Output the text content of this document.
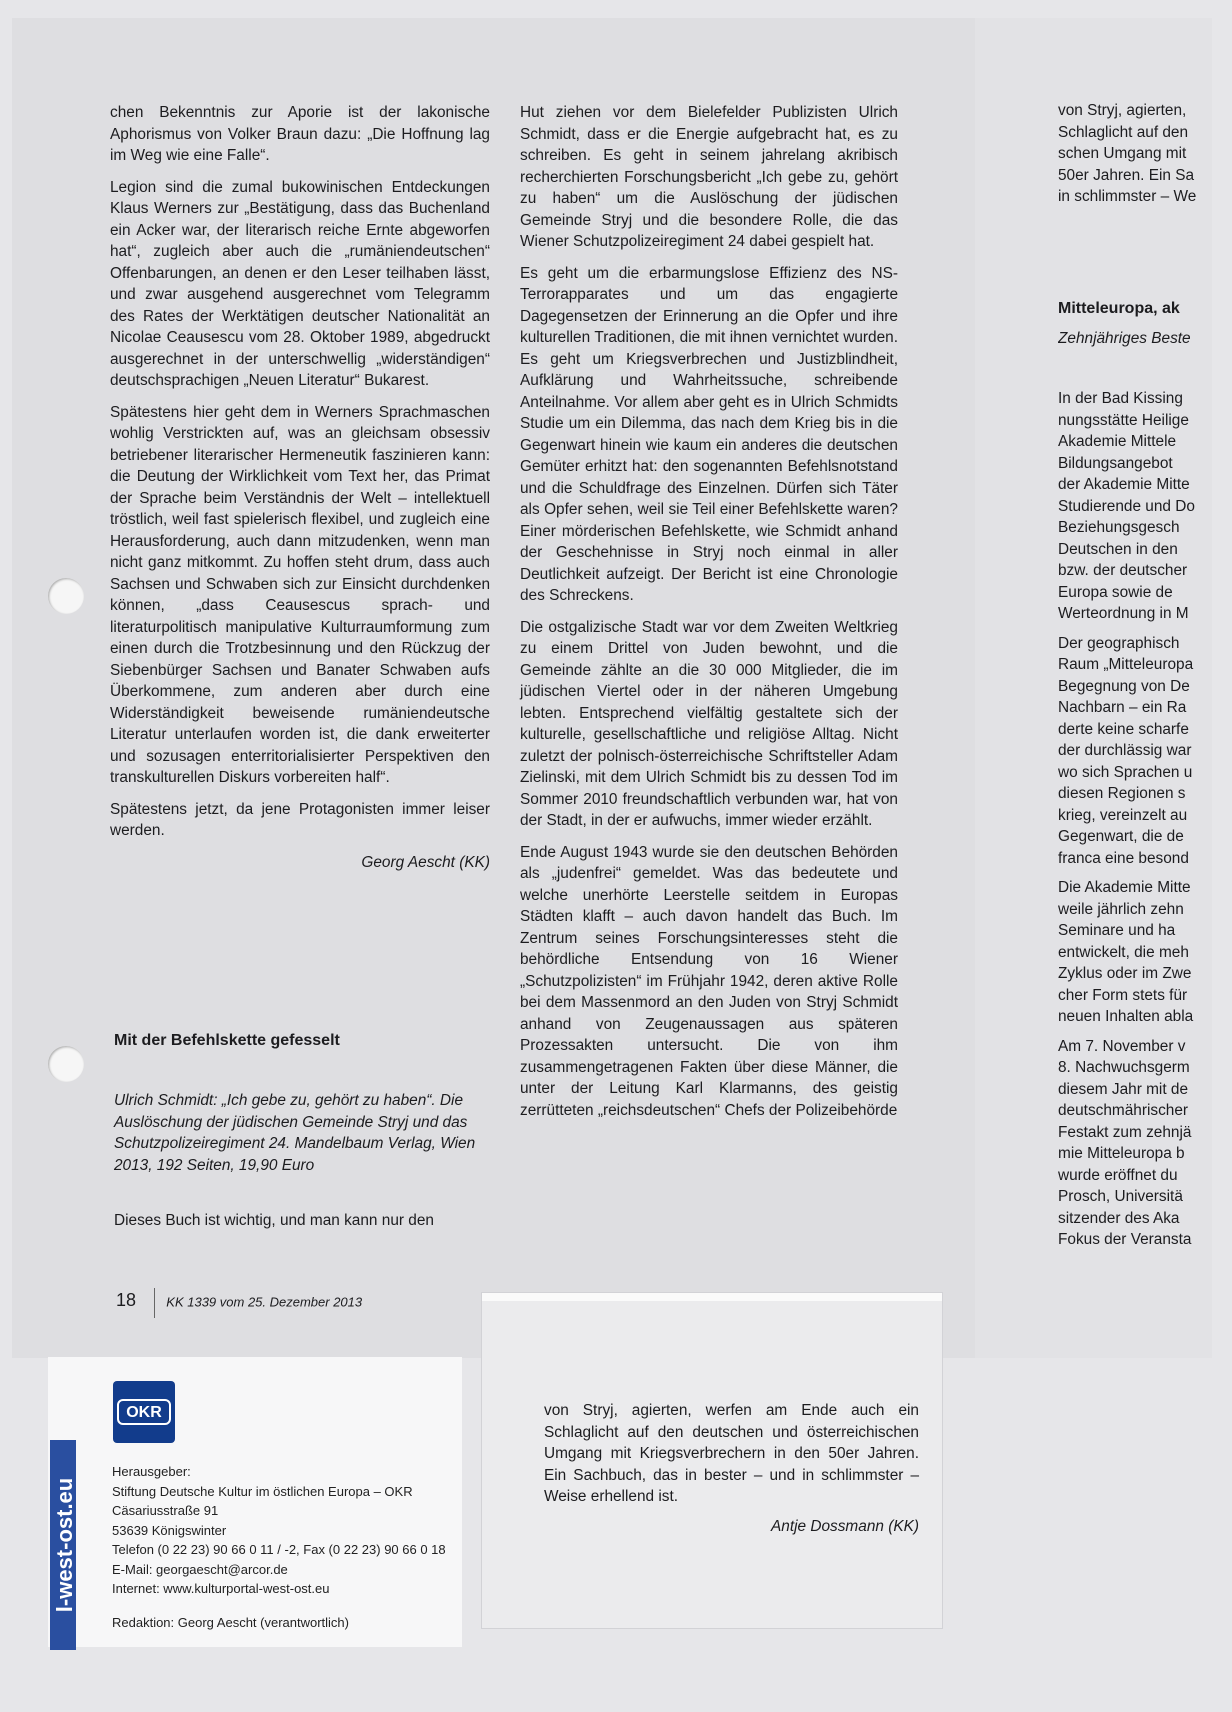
chen Bekenntnis zur Aporie ist der lakonische Aphorismus von Volker Braun dazu: „Die Hoffnung lag im Weg wie eine Falle“.

Legion sind die zumal bukowinischen Entdeckungen Klaus Werners zur „Bestätigung, dass das Buchenland ein Acker war, der literarisch reiche Ernte abgeworfen hat“, zugleich aber auch die „rumäniendeutschen“ Offenbarungen, an denen er den Leser teilhaben lässt, und zwar ausgehend ausgerechnet vom Telegramm des Rates der Werktätigen deutscher Nationalität an Nicolae Ceausescu vom 28. Oktober 1989, abgedruckt ausgerechnet in der unterschwellig „widerständigen“ deutschsprachigen „Neuen Literatur“ Bukarest.

Spätestens hier geht dem in Werners Sprachmaschen wohlig Verstrickten auf, was an gleichsam obsessiv betriebener literarischer Hermeneutik faszinieren kann: die Deutung der Wirklichkeit vom Text her, das Primat der Sprache beim Verständnis der Welt – intellektuell tröstlich, weil fast spielerisch flexibel, und zugleich eine Herausforderung, auch dann mitzudenken, wenn man nicht ganz mitkommt. Zu hoffen steht drum, dass auch Sachsen und Schwaben sich zur Einsicht durchdenken können, „dass Ceausescus sprach- und literaturpolitisch manipulative Kulturraumformung zum einen durch die Trotzbesinnung und den Rückzug der Siebenbürger Sachsen und Banater Schwaben aufs Überkommene, zum anderen aber durch eine Widerständigkeit beweisende rumäniendeutsche Literatur unterlaufen worden ist, die dank erweiterter und sozusagen enterritorialisierter Perspektiven den transkulturellen Diskurs vorbereiten half“.

Spätestens jetzt, da jene Protagonisten immer leiser werden.

Georg Aescht (KK)

Mit der Befehlskette gefesselt

Ulrich Schmidt: „Ich gebe zu, gehört zu haben“. Die Auslöschung der jüdischen Gemeinde Stryj und das Schutzpolizeiregiment 24. Mandelbaum Verlag, Wien 2013, 192 Seiten, 19,90 Euro
Dieses Buch ist wichtig, und man kann nur den

Hut ziehen vor dem Bielefelder Publizisten Ulrich Schmidt, dass er die Energie aufgebracht hat, es zu schreiben. Es geht in seinem jahrelang akribisch recherchierten Forschungsbericht „Ich gebe zu, gehört zu haben“ um die Auslöschung der jüdischen Gemeinde Stryj und die besondere Rolle, die das Wiener Schutzpolizeiregiment 24 dabei gespielt hat.

Es geht um die erbarmungslose Effizienz des NS-Terrorapparates und um das engagierte Dagegensetzen der Erinnerung an die Opfer und ihre kulturellen Traditionen, die mit ihnen vernichtet wurden. Es geht um Kriegsverbrechen und Justizblindheit, Aufklärung und Wahrheitssuche, schreibende Anteilnahme. Vor allem aber geht es in Ulrich Schmidts Studie um ein Dilemma, das nach dem Krieg bis in die Gegenwart hinein wie kaum ein anderes die deutschen Gemüter erhitzt hat: den sogenannten Befehlsnotstand und die Schuldfrage des Einzelnen. Dürfen sich Täter als Opfer sehen, weil sie Teil einer Befehlskette waren? Einer mörderischen Befehlskette, wie Schmidt anhand der Geschehnisse in Stryj noch einmal in aller Deutlichkeit aufzeigt. Der Bericht ist eine Chronologie des Schreckens.

Die ostgalizische Stadt war vor dem Zweiten Weltkrieg zu einem Drittel von Juden bewohnt, und die Gemeinde zählte an die 30 000 Mitglieder, die im jüdischen Viertel oder in der näheren Umgebung lebten. Entsprechend vielfältig gestaltete sich der kulturelle, gesellschaftliche und religiöse Alltag. Nicht zuletzt der polnisch-österreichische Schriftsteller Adam Zielinski, mit dem Ulrich Schmidt bis zu dessen Tod im Sommer 2010 freundschaftlich verbunden war, hat von der Stadt, in der er aufwuchs, immer wieder erzählt.

Ende August 1943 wurde sie den deutschen Behörden als „judenfrei“ gemeldet. Was das bedeutete und welche unerhörte Leerstelle seitdem in Europas Städten klafft – auch davon handelt das Buch. Im Zentrum seines Forschungsinteresses steht die behördliche Entsendung von 16 Wiener „Schutzpolizisten“ im Frühjahr 1942, deren aktive Rolle bei dem Massenmord an den Juden von Stryj Schmidt anhand von Zeugenaussagen aus späteren Prozessakten untersucht. Die von ihm zusammengetragenen Fakten über diese Männer, die unter der Leitung Karl Klarmanns, des geistig zerrütteten „reichsdeutschen“ Chefs der Polizeibehörde

von Stryj, agierten,
Schlaglicht auf den
schen Umgang mit
50er Jahren. Ein Sa
in schlimmster – We
Mitteleuropa, ak
Zehnjähriges Beste

In der Bad Kissing
nungsstätte Heilige
Akademie Mittele
Bildungsangebot
der Akademie Mitte
Studierende und Do
Beziehungsgesch
Deutschen in den
bzw. der deutscher
Europa sowie de
Werteordnung in M

Der geographisch
Raum „Mitteleuropa
Begegnung von De
Nachbarn – ein Ra
derte keine scharfe
der durchlässig war
wo sich Sprachen u
diesen Regionen s
krieg, vereinzelt au
Gegenwart, die de
franca eine besond

Die Akademie Mitte
weile jährlich zehn
Seminare und ha
entwickelt, die meh
Zyklus oder im Zwe
cher Form stets für
neuen Inhalten abla

Am 7. November v
8. Nachwuchsgerm
diesem Jahr mit de
deutschmährischer
Festakt zum zehnjä
mie Mitteleuropa b
wurde eröffnet du
Prosch, Universitä
sitzender des Aka
Fokus der Veransta

18 KK 1339 vom 25. Dezember 2013
von Stryj, agierten, werfen am Ende auch ein Schlaglicht auf den deutschen und österreichischen Umgang mit Kriegsverbrechern in den 50er Jahren. Ein Sachbuch, das in bester – und in schlimmster – Weise erhellend ist.
Antje Dossmann (KK)
l-west-ost.eu
OKR
Herausgeber:
Stiftung Deutsche Kultur im östlichen Europa – OKR
Cäsariusstraße 91
53639 Königswinter
Telefon (0 22 23) 90 66 0 11 / -2, Fax (0 22 23) 90 66 0 18
E-Mail: georgaescht@arcor.de
Internet: www.kulturportal-west-ost.eu
Redaktion: Georg Aescht (verantwortlich)
